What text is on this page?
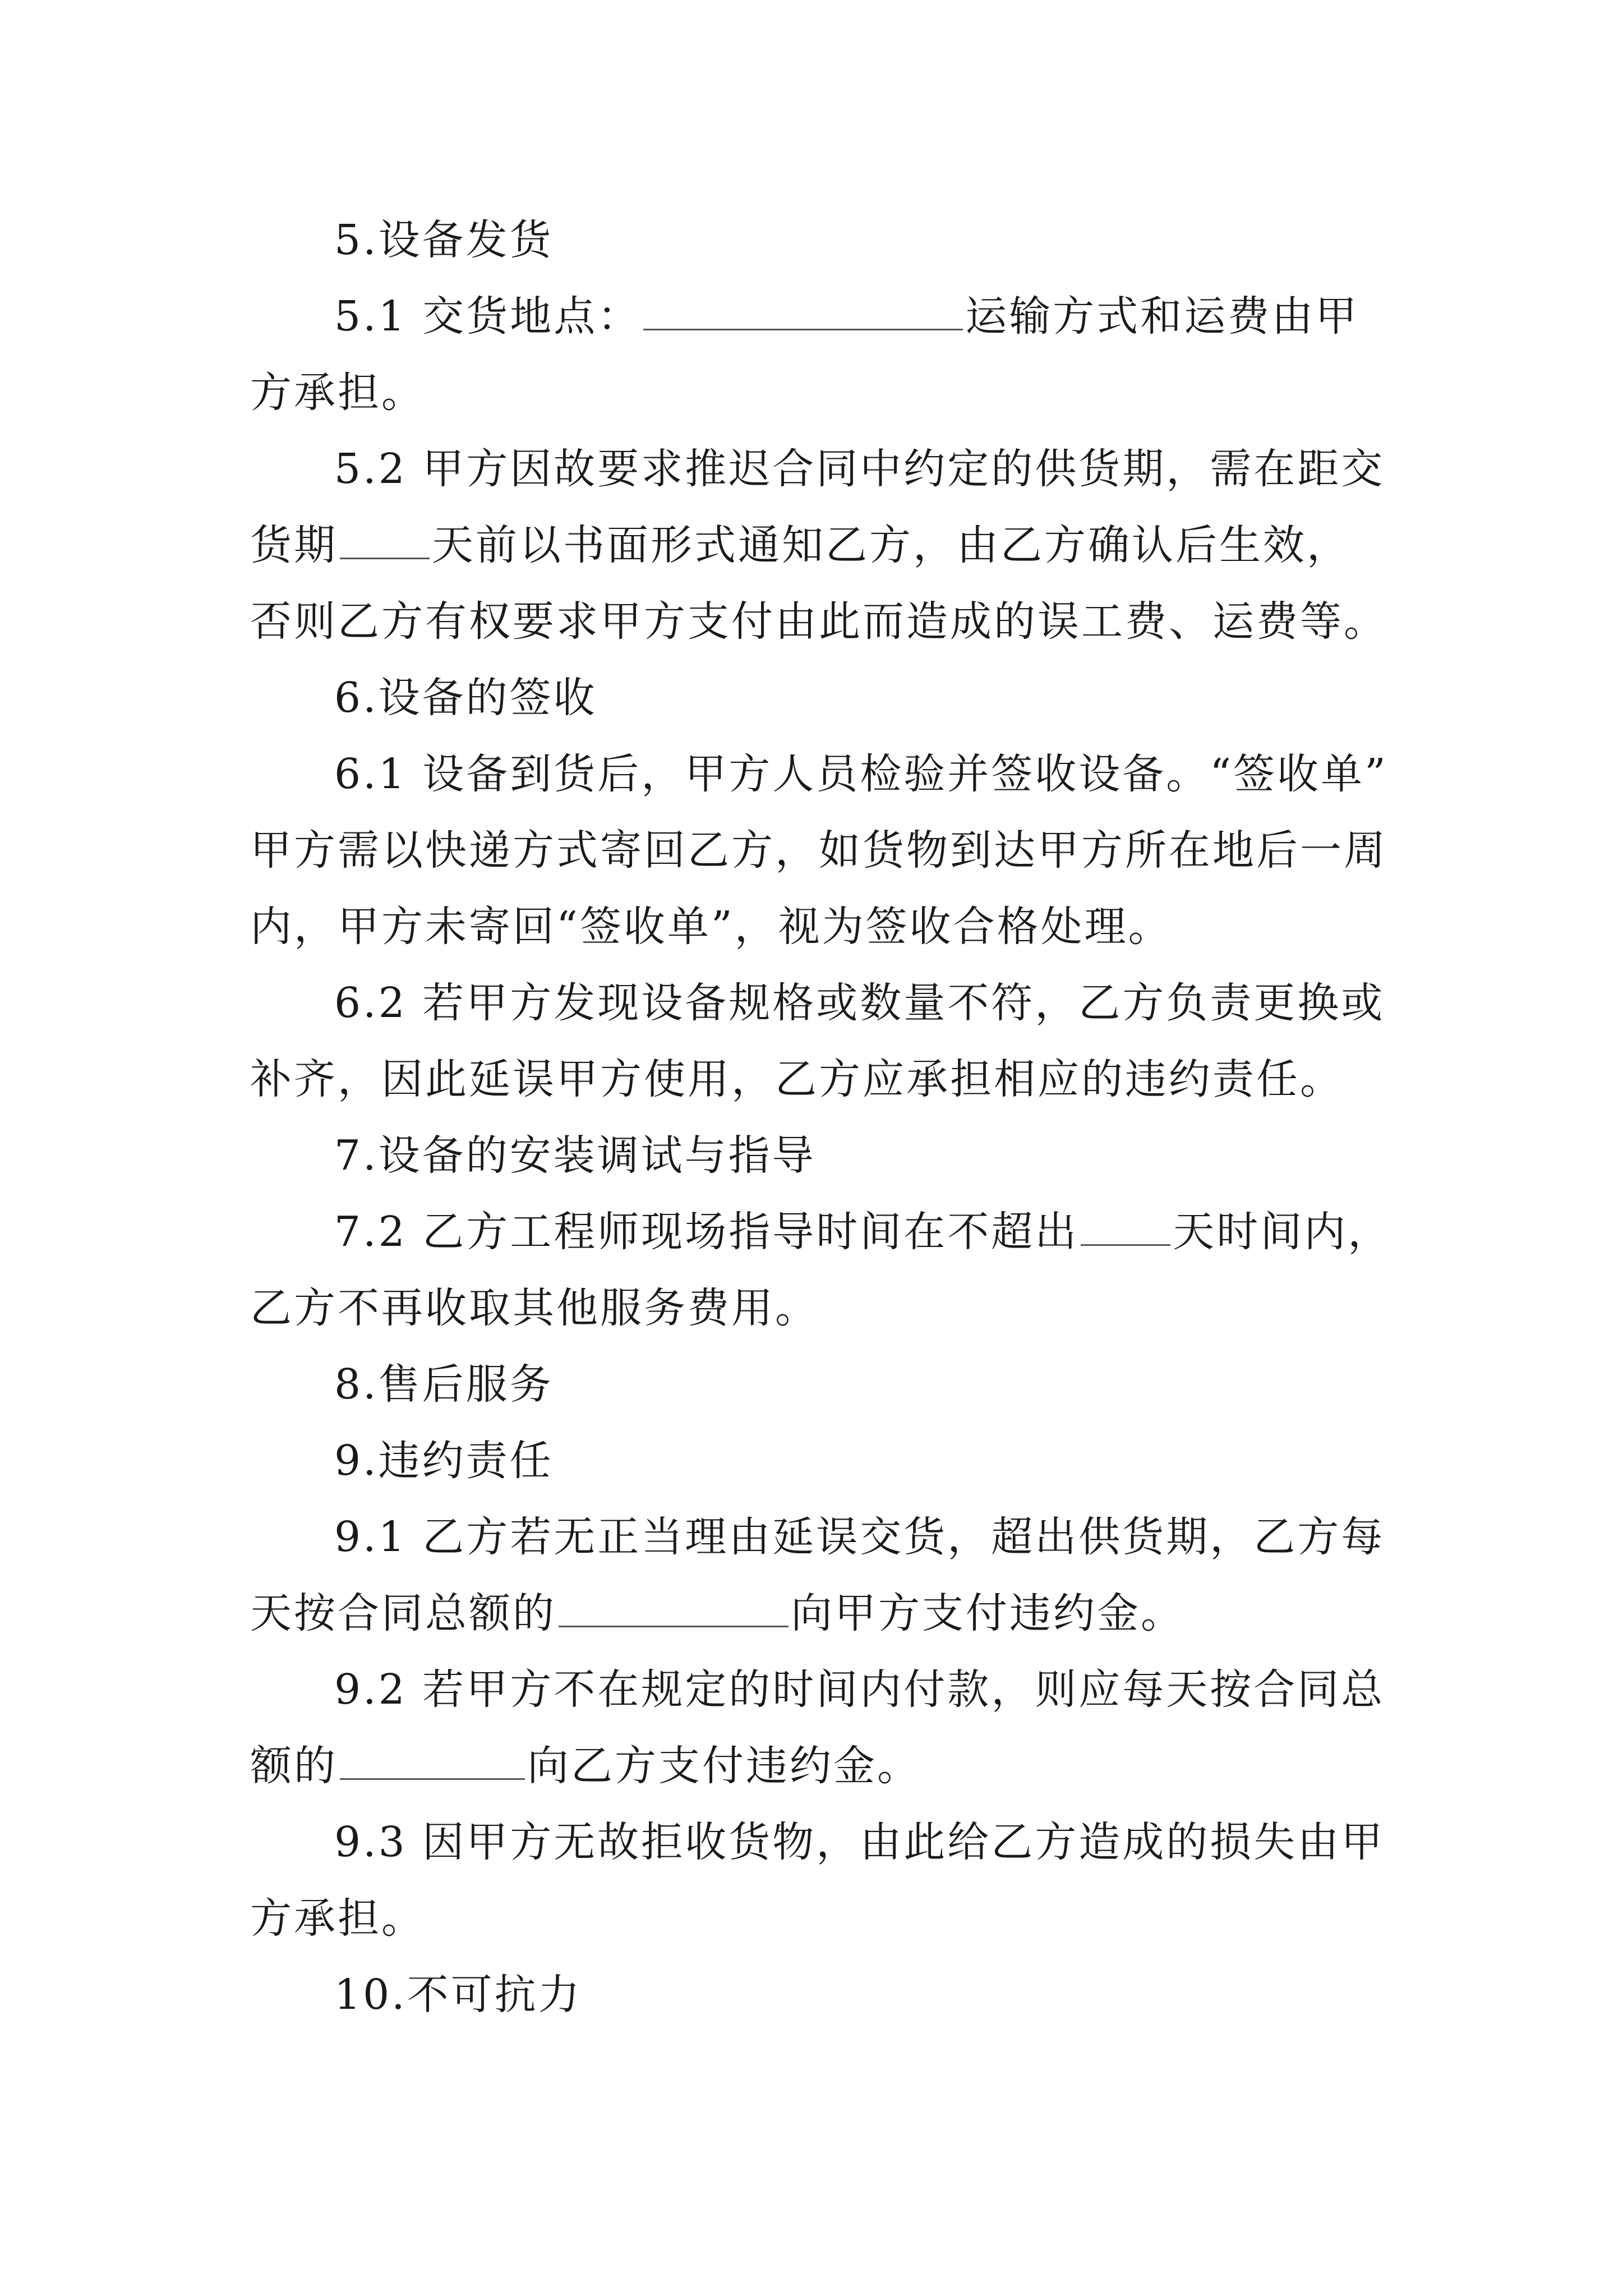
5.设备发货
5.1 交货地点：	运输方式和运费由甲
方承担。
5.2 甲方因故要求推迟合同中约定的供货期，需在距交
货期 天前以书面形式通知乙方，由乙方确认后生效，
否则乙方有权要求甲方支付由此而造成的误工费、运费等。
6.设备的签收
6.1 设备到货后，甲方人员检验并签收设备。“签收单”
甲方需以快递方式寄回乙方，如货物到达甲方所在地后一周
内，甲方未寄回“签收单”，视为签收合格处理。
6.2 若甲方发现设备规格或数量不符，乙方负责更换或
补齐，因此延误甲方使用，乙方应承担相应的违约责任。
7.设备的安装调试与指导
7.2 乙方工程师现场指导时间在不超出 天时间内，
乙方不再收取其他服务费用。
8.售后服务
9.违约责任
9.1 乙方若无正当理由延误交货，超出供货期，乙方每
天按合同总额的	向甲方支付违约金。
9.2 若甲方不在规定的时间内付款，则应每天按合同总
额的	向乙方支付违约金。
9.3 因甲方无故拒收货物，由此给乙方造成的损失由甲
方承担。
10.不可抗力
